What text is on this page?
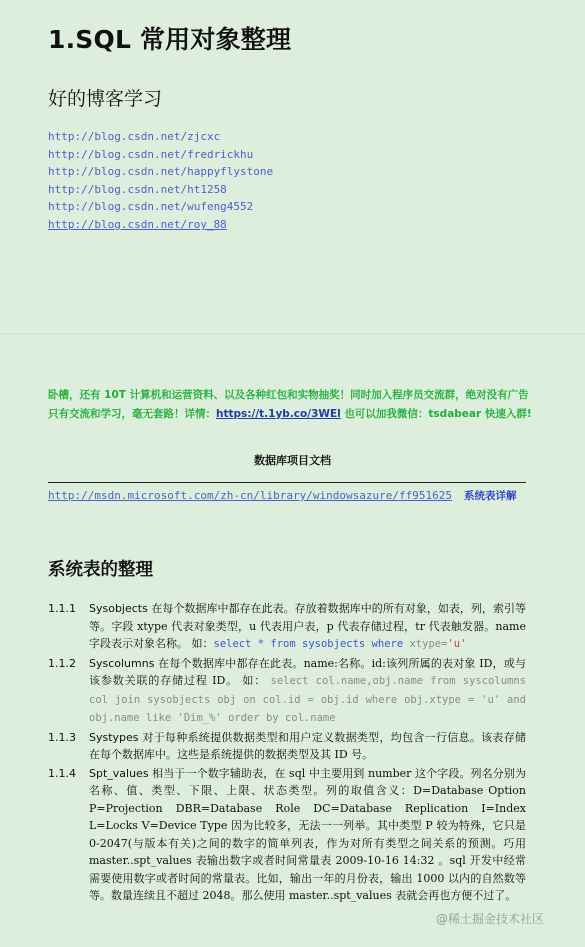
1.SQL 常用对象整理
好的博客学习
http://blog.csdn.net/zjcxc
http://blog.csdn.net/fredrickhu
http://blog.csdn.net/happyflystone
http://blog.csdn.net/ht1258
http://blog.csdn.net/wufeng4552
http://blog.csdn.net/roy_88
卧槽，还有 10T 计算机和运营资料、以及各种红包和实物抽奖！同时加入程序员交流群，绝对没有广告只有交流和学习，毫无套路！详情：https://t.1yb.co/3WEl 也可以加我微信：tsdabear 快速入群!
数据库项目文档
http://msdn.microsoft.com/zh-cn/library/windowsazure/ff951625 系统表详解
系统表的整理
1.1.1	Sysobjects 在每个数据库中都存在此表。存放着数据库中的所有对象，如表，列，索引等等。字段 xtype 代表对象类型，u 代表用户表，p 代表存储过程，tr 代表触发器。name 字段表示对象名称。 如：select * from sysobjects where xtype='u'
1.1.2	Syscolumns 在每个数据库中都存在此表。name:名称。id:该列所属的表对象 ID，或与该参数关联的存储过程 ID。 如： select col.name,obj.name from syscolumns col join sysobjects obj on col.id = obj.id where obj.xtype = 'u' and obj.name like 'Dim_%' order by col.name
1.1.3	Systypes 对于每种系统提供数据类型和用户定义数据类型，均包含一行信息。该表存储在每个数据库中。这些是系统提供的数据类型及其 ID 号。
1.1.4	Spt_values 相当于一个数字辅助表，在 sql 中主要用到 number 这个字段。列名分别为名称、值、类型、下限、上限、状态类型。列的取值含义：D=Database Option P=Projection DBR=Database Role DC=Database Replication I=Index L=Locks V=Device Type 因为比较多，无法一一列举。其中类型 P 较为特殊，它只是 0-2047(与版本有关)之间的数字的简单列表，作为对所有类型之间关系的预测。巧用 master..spt_values 表输出数字或者时间常量表 2009-10-16 14:32 。sql 开发中经常需要使用数字或者时间的常量表。比如，输出一年的月份表，输出 1000 以内的自然数等等。数量连续且不超过 2048。那么使用 master..spt_values 表就会再也方便不过了。
@稀土掘金技术社区
